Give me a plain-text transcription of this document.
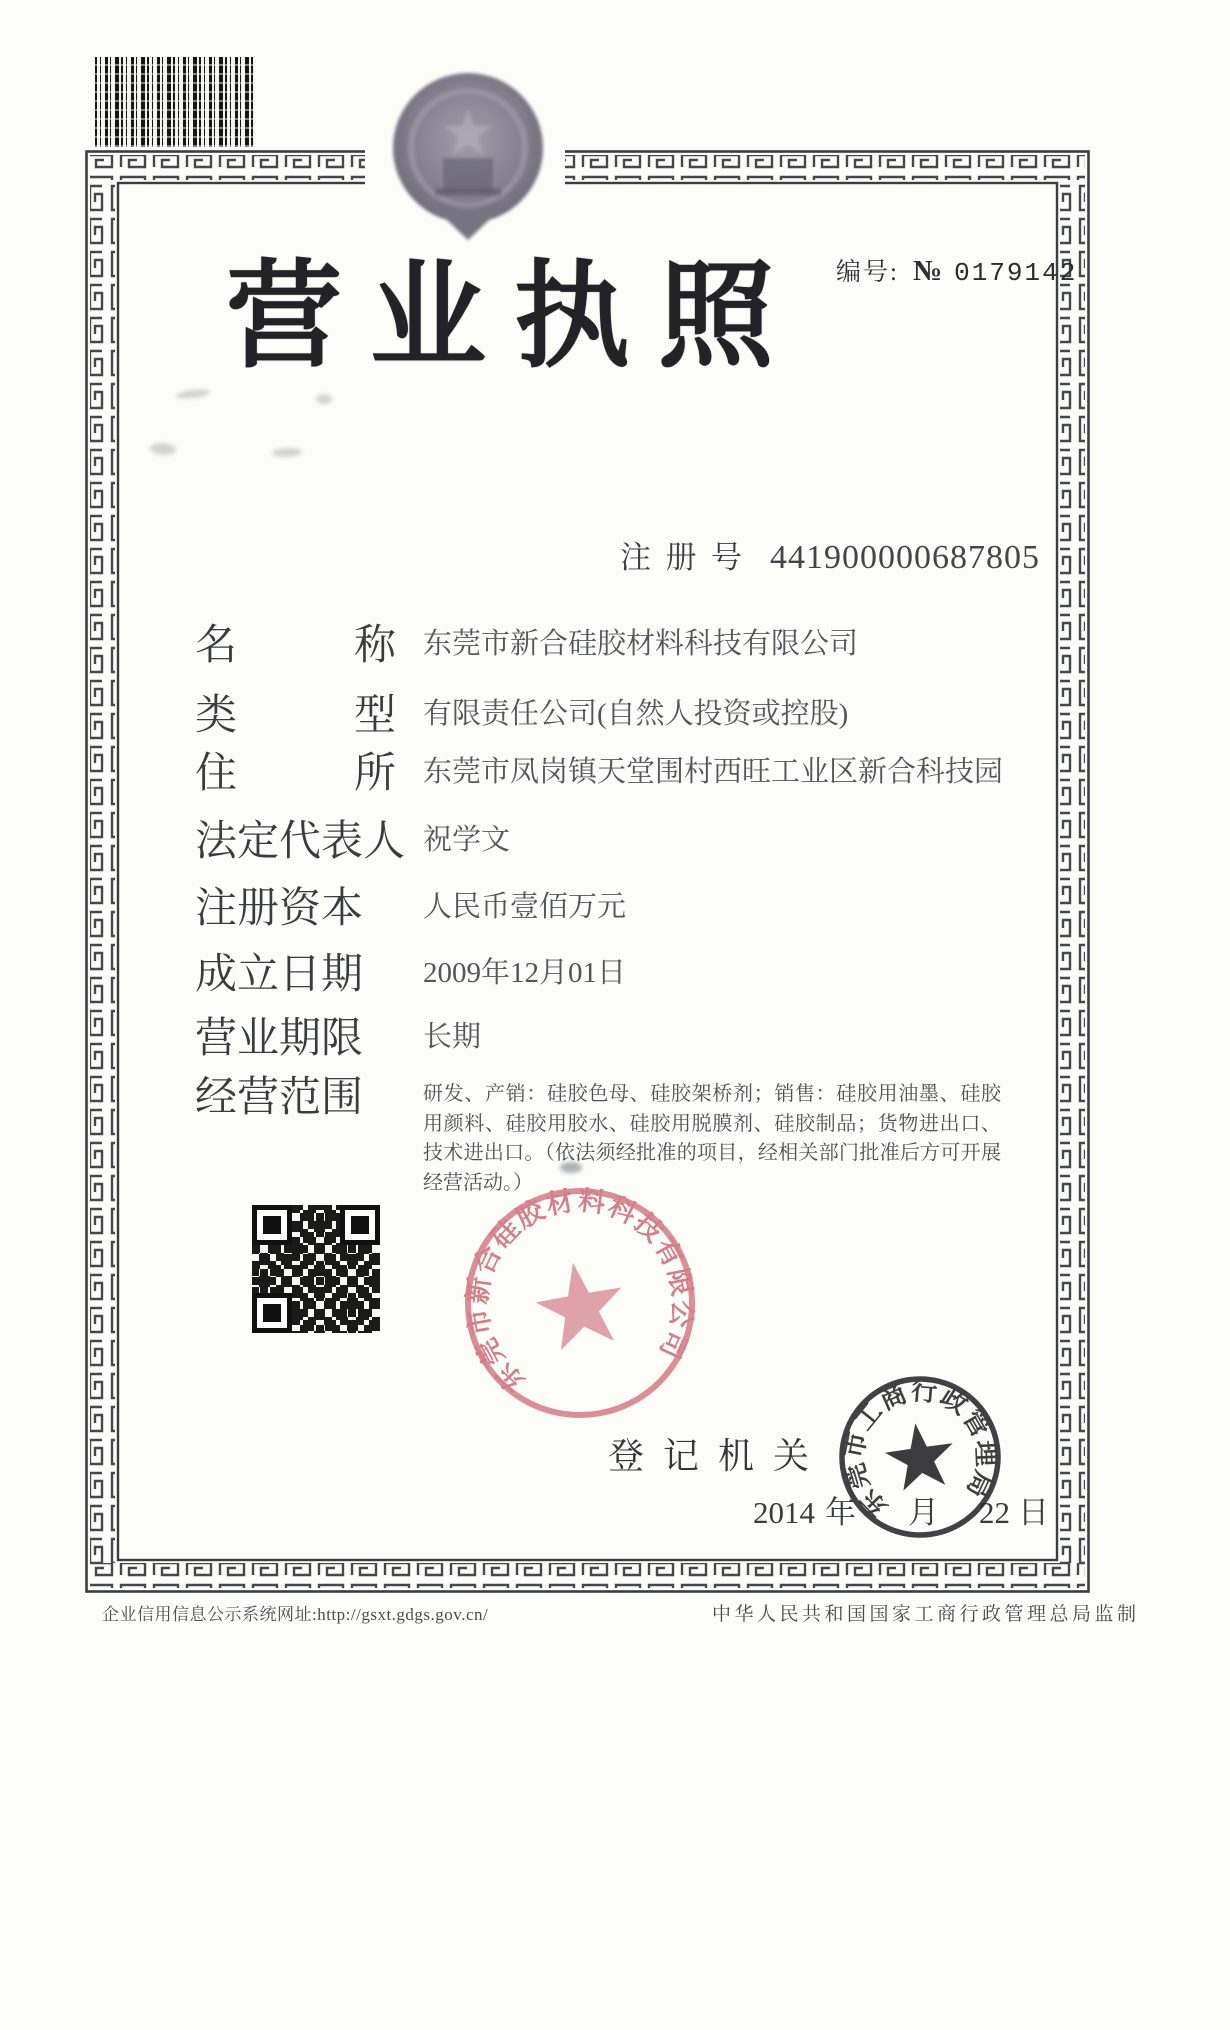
编号: № 0179142
营 业 执 照
注 册 号 441900000687805
名	称 东莞市新合硅胶材料科技有限公司
类	型 有限责任公司(自然人投资或控股)
住	所 东莞市凤岗镇天堂围村西旺工业区新合科技园
法 定 代 表 人 祝学文
注 册 资 本 人民币壹佰万元
成 立 日 期 2009年12月01日
营 业 期 限 长期
经 营 范 围	研发、产销：硅胶色母、硅胶架桥剂；销售：硅胶用油墨、硅胶用颜料、硅胶用胶水、硅胶用脱膜剂、硅胶制品；货物进出口、技术进出口。（依法须经批准的项目，经相关部门批准后方可开展经营活动。）
东莞市新合硅胶材料科技有限公司
登记机关
2014 年 月 22 日
东莞市工商行政管理局
企业信用信息公示系统网址:http://gsxt.gdgs.gov.cn/	中华人民共和国国家工商行政管理总局监制
